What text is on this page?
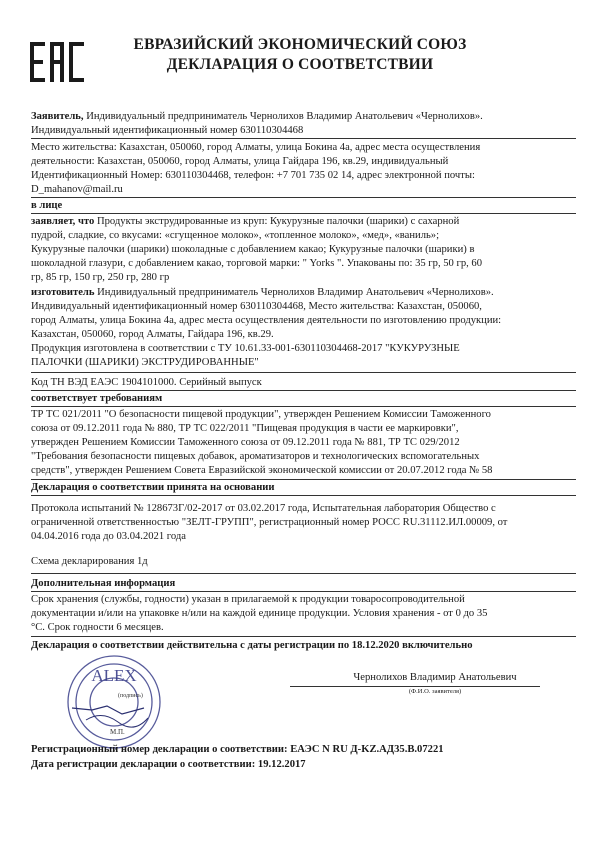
ЕВРАЗИЙСКИЙ ЭКОНОМИЧЕСКИЙ СОЮЗ
ДЕКЛАРАЦИЯ О СООТВЕТСТВИИ
Заявитель, Индивидуальный предприниматель Чернолихов Владимир Анатольевич «Чернолихов».
Индивидуальный идентификационный номер 630110304468
Место жительства: Казахстан, 050060, город Алматы, улица Бокина 4а, адрес места осуществления
деятельности: Казахстан, 050060, город Алматы, улица Гайдара 196, кв.29, индивидуальный
Идентификационный Номер: 630110304468, телефон: +7 701 735 02 14, адрес электронной почты:
D_mahanov@mail.ru
в лице
заявляет, что Продукты экструдированные из круп: Кукурузные палочки (шарики) с сахарной
пудрой, сладкие, со вкусами: «сгущенное молоко», «топленное молоко», «мед», «ваниль»;
Кукурузные палочки (шарики) шоколадные с добавлением какао; Кукурузные палочки (шарики) в
шоколадной глазури, с добавлением какао, торговой марки: " Yorks ". Упакованы по: 35 гр, 50 гр, 60
гр, 85 гр, 150 гр, 250 гр, 280 гр
изготовитель Индивидуальный предприниматель Чернолихов Владимир Анатольевич «Чернолихов».
Индивидуальный идентификационный номер 630110304468, Место жительства: Казахстан, 050060,
город Алматы, улица Бокина 4а, адрес места осуществления деятельности по изготовлению продукции:
Казахстан, 050060, город Алматы, Гайдара 196, кв.29.
Продукция изготовлена в соответствии с ТУ 10.61.33-001-630110304468-2017 "КУКУРУЗНЫЕ
ПАЛОЧКИ (ШАРИКИ) ЭКСТРУДИРОВАННЫЕ"
Код ТН ВЭД ЕАЭС 1904101000. Серийный выпуск
соответствует требованиям
ТР ТС 021/2011 "О безопасности пищевой продукции", утвержден Решением Комиссии Таможенного
союза от 09.12.2011 года № 880, ТР ТС 022/2011 "Пищевая продукция в части ее маркировки",
утвержден Решением Комиссии Таможенного союза от 09.12.2011 года № 881, ТР ТС 029/2012
"Требования безопасности пищевых добавок, ароматизаторов и технологических вспомогательных
средств", утвержден Решением Совета Евразийской экономической комиссии от 20.07.2012 года № 58
Декларация о соответствии принята на основании
Протокола испытаний № 128673Г/02-2017 от 03.02.2017 года, Испытательная лаборатория Общество с
ограниченной ответственностью "ЗЕЛТ-ГРУПП", регистрационный номер РОСС RU.31112.ИЛ.00009, от
04.04.2016 года до 03.04.2021 года
Схема декларирования 1д
Дополнительная информация
Срок хранения (службы, годности) указан в прилагаемой к продукции товаросопроводительной
документации и/или на упаковке н/или на каждой единице продукции. Условия хранения - от 0 до 35
°С. Срок годности 6 месяцев.
Декларация о соответствии действительна с даты регистрации по 18.12.2020 включительно
ALEX
(подпись)
М.П.
Чернолихов Владимир Анатольевич
(Ф.И.О. заявителя)
Регистрационный номер декларации о соответствии: ЕАЭС N RU Д-KZ.АД35.В.07221
Дата регистрации декларации о соответствии: 19.12.2017
